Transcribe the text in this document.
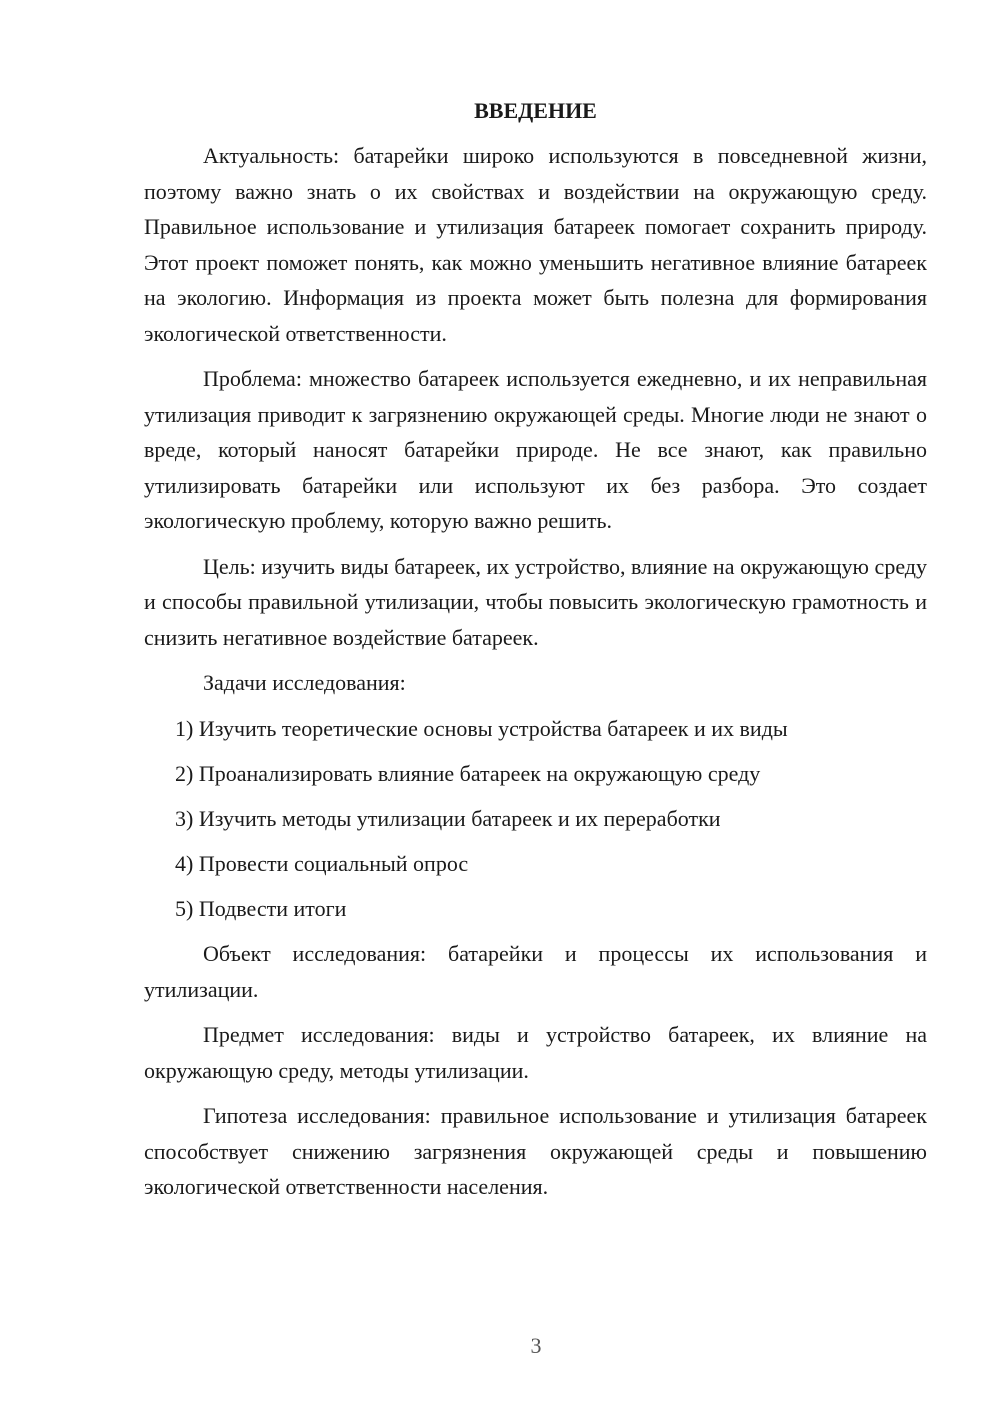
ВВЕДЕНИЕ

Актуальность: батарейки широко используются в повседневной жизни, поэтому важно знать о их свойствах и воздействии на окружающую среду. Правильное использование и утилизация батареек помогает сохранить природу. Этот проект поможет понять, как можно уменьшить негативное влияние батареек на экологию. Информация из проекта может быть полезна для формирования экологической ответственности.

Проблема: множество батареек используется ежедневно, и их неправильная утилизация приводит к загрязнению окружающей среды. Многие люди не знают о вреде, который наносят батарейки природе. Не все знают, как правильно утилизировать батарейки или используют их без разбора. Это создает экологическую проблему, которую важно решить.

Цель: изучить виды батареек, их устройство, влияние на окружающую среду и способы правильной утилизации, чтобы повысить экологическую грамотность и снизить негативное воздействие батареек.

Задачи исследования:

1) Изучить теоретические основы устройства батареек и их виды
2) Проанализировать влияние батареек на окружающую среду
3) Изучить методы утилизации батареек и их переработки
4) Провести социальный опрос
5) Подвести итоги

Объект исследования: батарейки и процессы их использования и утилизации.

Предмет исследования: виды и устройство батареек, их влияние на окружающую среду, методы утилизации.

Гипотеза исследования: правильное использование и утилизация батареек способствует снижению загрязнения окружающей среды и повышению экологической ответственности населения.

3
